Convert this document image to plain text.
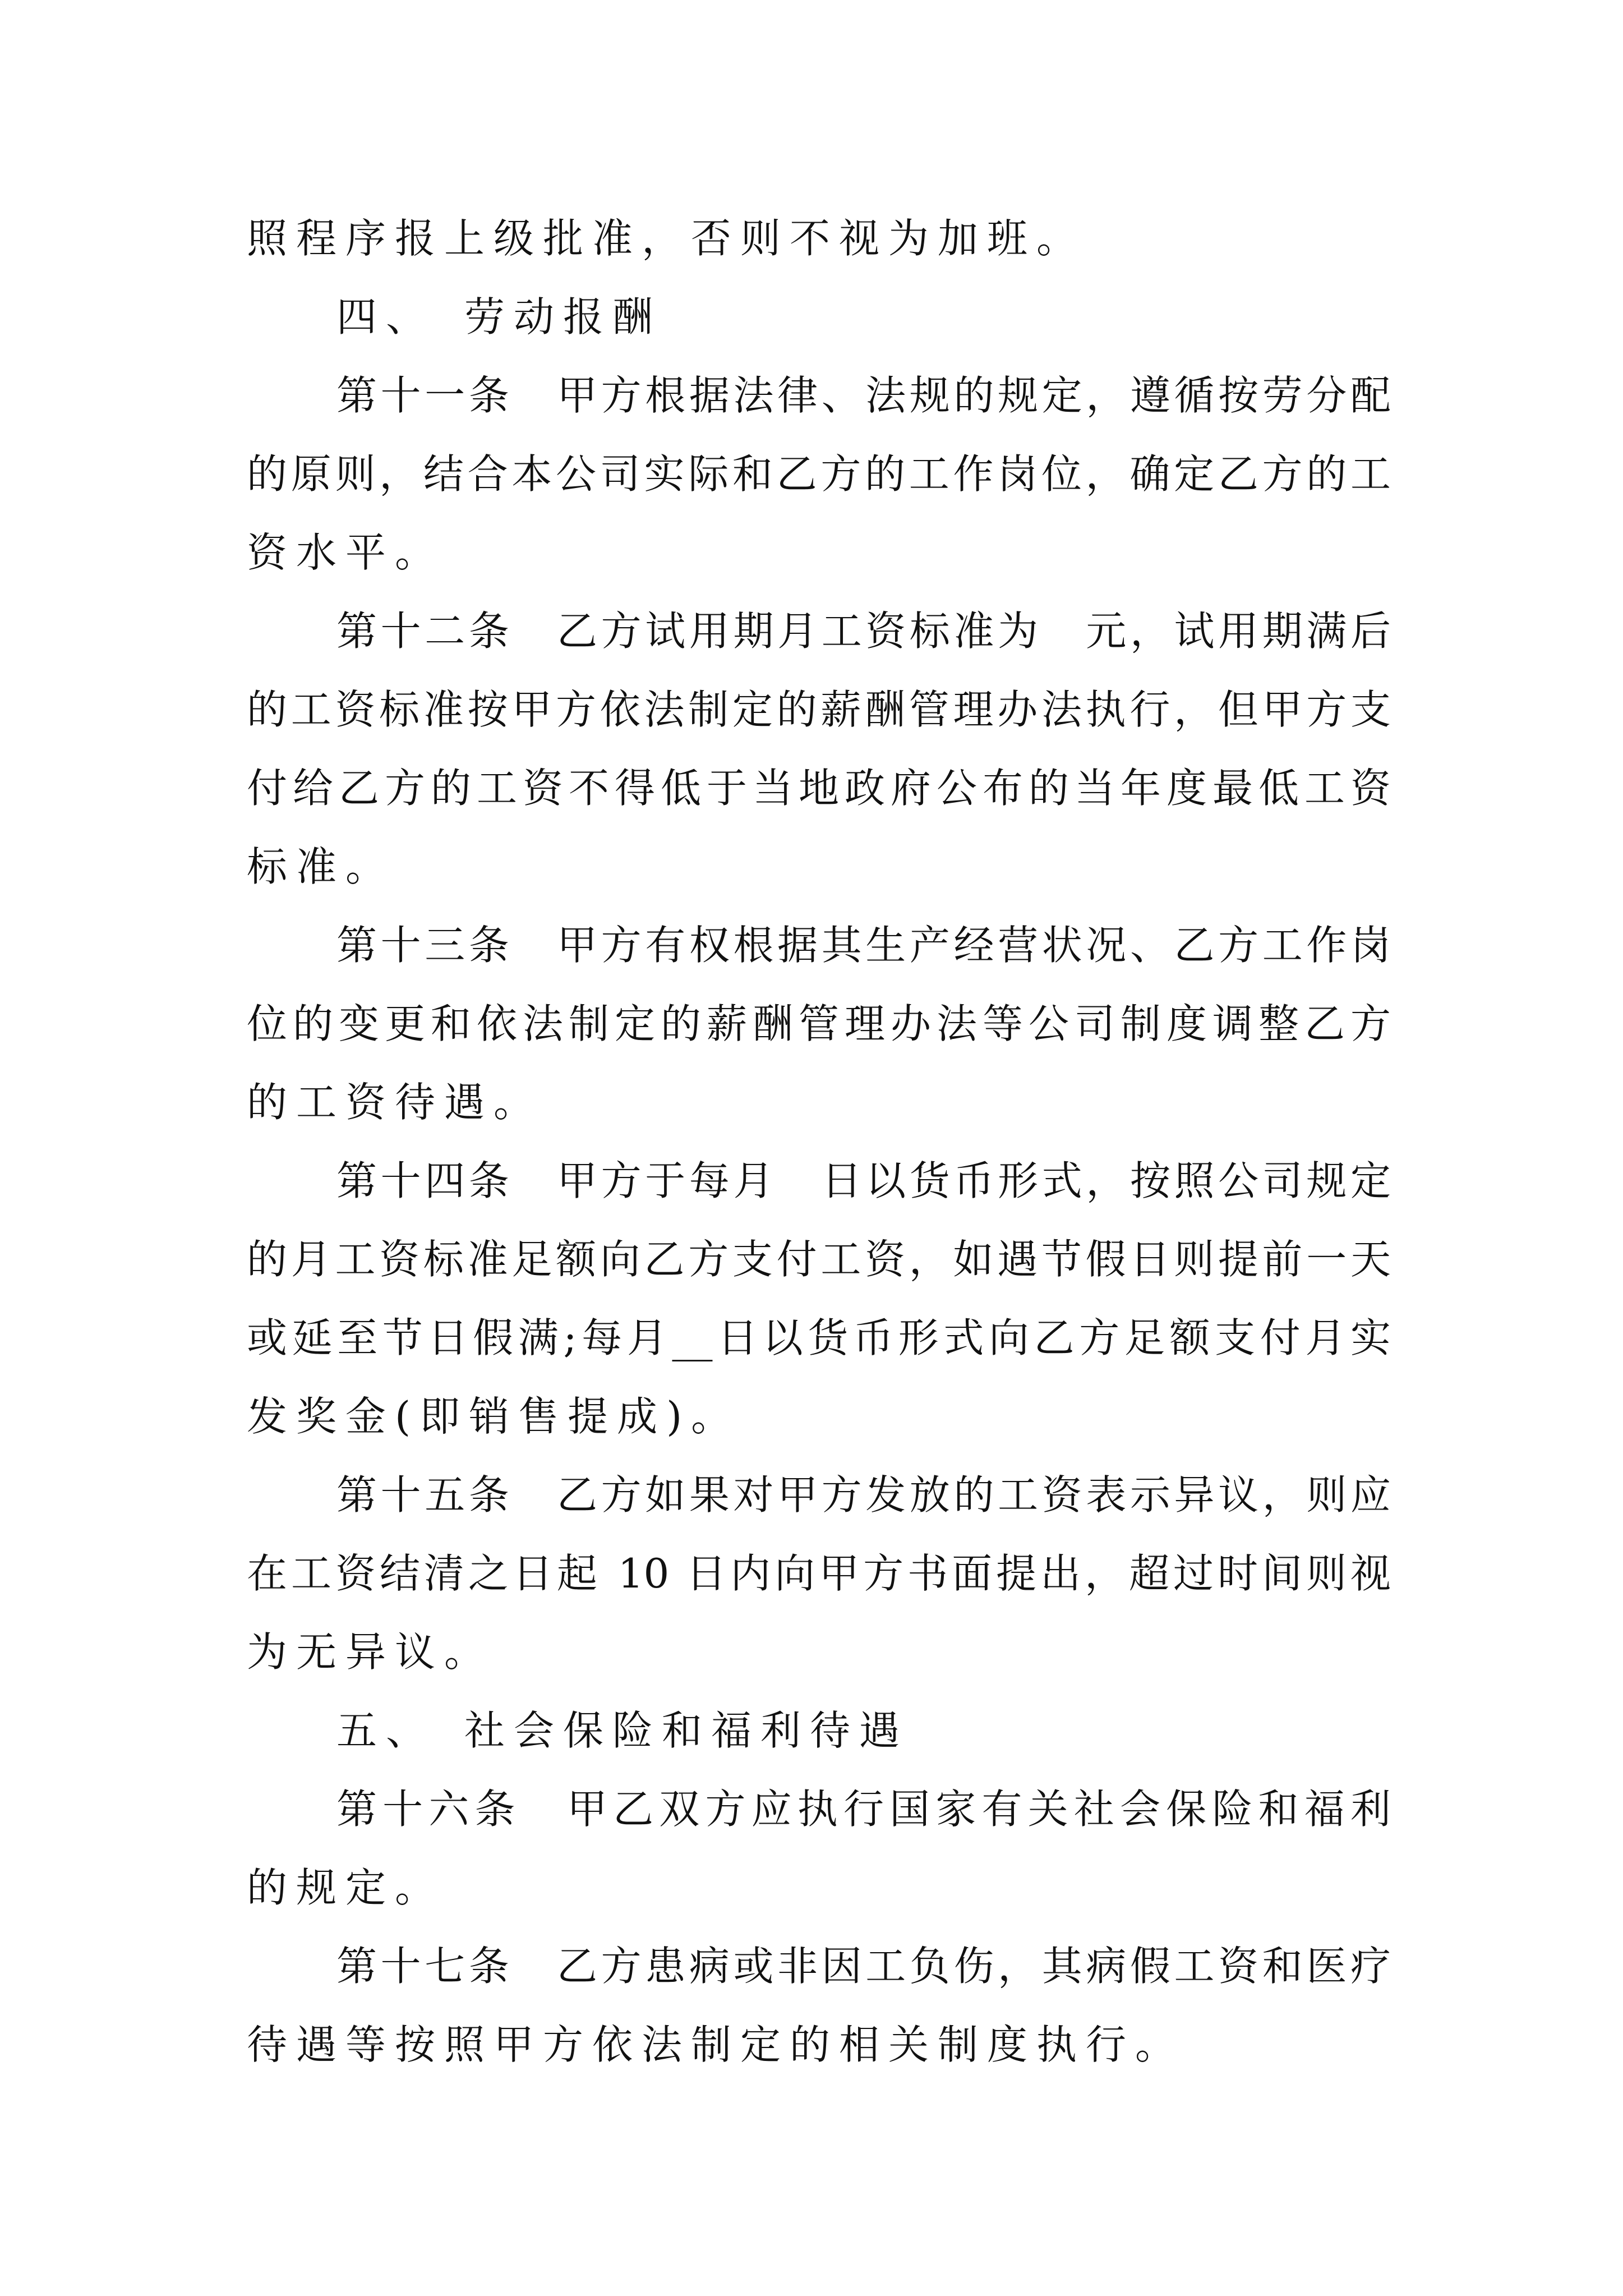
照程序报上级批准，否则不视为加班。
四、　劳动报酬
第十一条　甲方根据法律、法规的规定，遵循按劳分配
的原则，结合本公司实际和乙方的工作岗位，确定乙方的工
资水平。
第十二条　乙方试用期月工资标准为　元，试用期满后
的工资标准按甲方依法制定的薪酬管理办法执行，但甲方支
付给乙方的工资不得低于当地政府公布的当年度最低工资
标准。
第十三条　甲方有权根据其生产经营状况、乙方工作岗
位的变更和依法制定的薪酬管理办法等公司制度调整乙方
的工资待遇。
第十四条　甲方于每月　日以货币形式，按照公司规定
的月工资标准足额向乙方支付工资，如遇节假日则提前一天
或延至节日假满;每月__日以货币形式向乙方足额支付月实
发奖金(即销售提成)。
第十五条　乙方如果对甲方发放的工资表示异议，则应
在工资结清之日起 10 日内向甲方书面提出，超过时间则视
为无异议。
五、　社会保险和福利待遇
第十六条　甲乙双方应执行国家有关社会保险和福利
的规定。
第十七条　乙方患病或非因工负伤，其病假工资和医疗
待遇等按照甲方依法制定的相关制度执行。
